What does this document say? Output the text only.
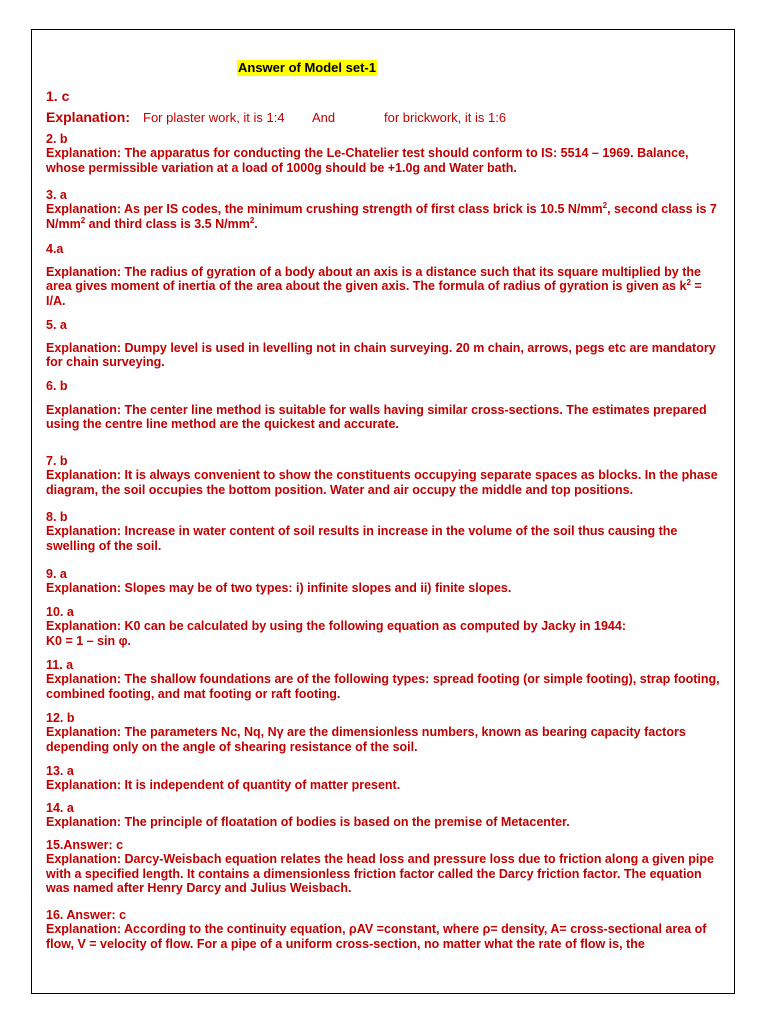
Answer of Model set-1
1. c
Explanation: For plaster work, it is 1:4 And	for brickwork, it is 1:6
2. b
Explanation: The apparatus for conducting the Le-Chatelier test should conform to IS: 5514 – 1969. Balance, whose permissible variation at a load of 1000g should be +1.0g and Water bath.
3. a
Explanation: As per IS codes, the minimum crushing strength of first class brick is 10.5 $N/mm^2$, second class is 7 $N/mm^2$ and third class is 3.5 $N/mm^2$.
4.a
Explanation: The radius of gyration of a body about an axis is a distance such that its square multiplied by the area gives moment of inertia of the area about the given axis. The formula of radius of gyration is given as $k^2 = I/A$.
5. a
Explanation: Dumpy level is used in levelling not in chain surveying. 20 m chain, arrows, pegs etc are mandatory for chain surveying.
6. b
Explanation: The center line method is suitable for walls having similar cross-sections. The estimates prepared using the centre line method are the quickest and accurate.
7. b
Explanation: It is always convenient to show the constituents occupying separate spaces as blocks. In the phase diagram, the soil occupies the bottom position. Water and air occupy the middle and top positions.
8. b
Explanation: Increase in water content of soil results in increase in the volume of the soil thus causing the swelling of the soil.
9. a
Explanation: Slopes may be of two types: i) infinite slopes and ii) finite slopes.
10. a
Explanation: K0 can be calculated by using the following equation as computed by Jacky in 1944:
K0 = 1 – sin φ.
11. a
Explanation: The shallow foundations are of the following types: spread footing (or simple footing), strap footing, combined footing, and mat footing or raft footing.
12. b
Explanation: The parameters Nc, Nq, Nγ are the dimensionless numbers, known as bearing capacity factors depending only on the angle of shearing resistance of the soil.
13. a
Explanation: It is independent of quantity of matter present.
14. a
Explanation: The principle of floatation of bodies is based on the premise of Metacenter.
15.Answer: c
Explanation: Darcy-Weisbach equation relates the head loss and pressure loss due to friction along a given pipe with a specified length. It contains a dimensionless friction factor called the Darcy friction factor. The equation was named after Henry Darcy and Julius Weisbach.
16. Answer: c
Explanation: According to the continuity equation, ρAV =constant, where ρ= density, A= cross-sectional area of flow, V = velocity of flow. For a pipe of a uniform cross-section, no matter what the rate of flow is, the
